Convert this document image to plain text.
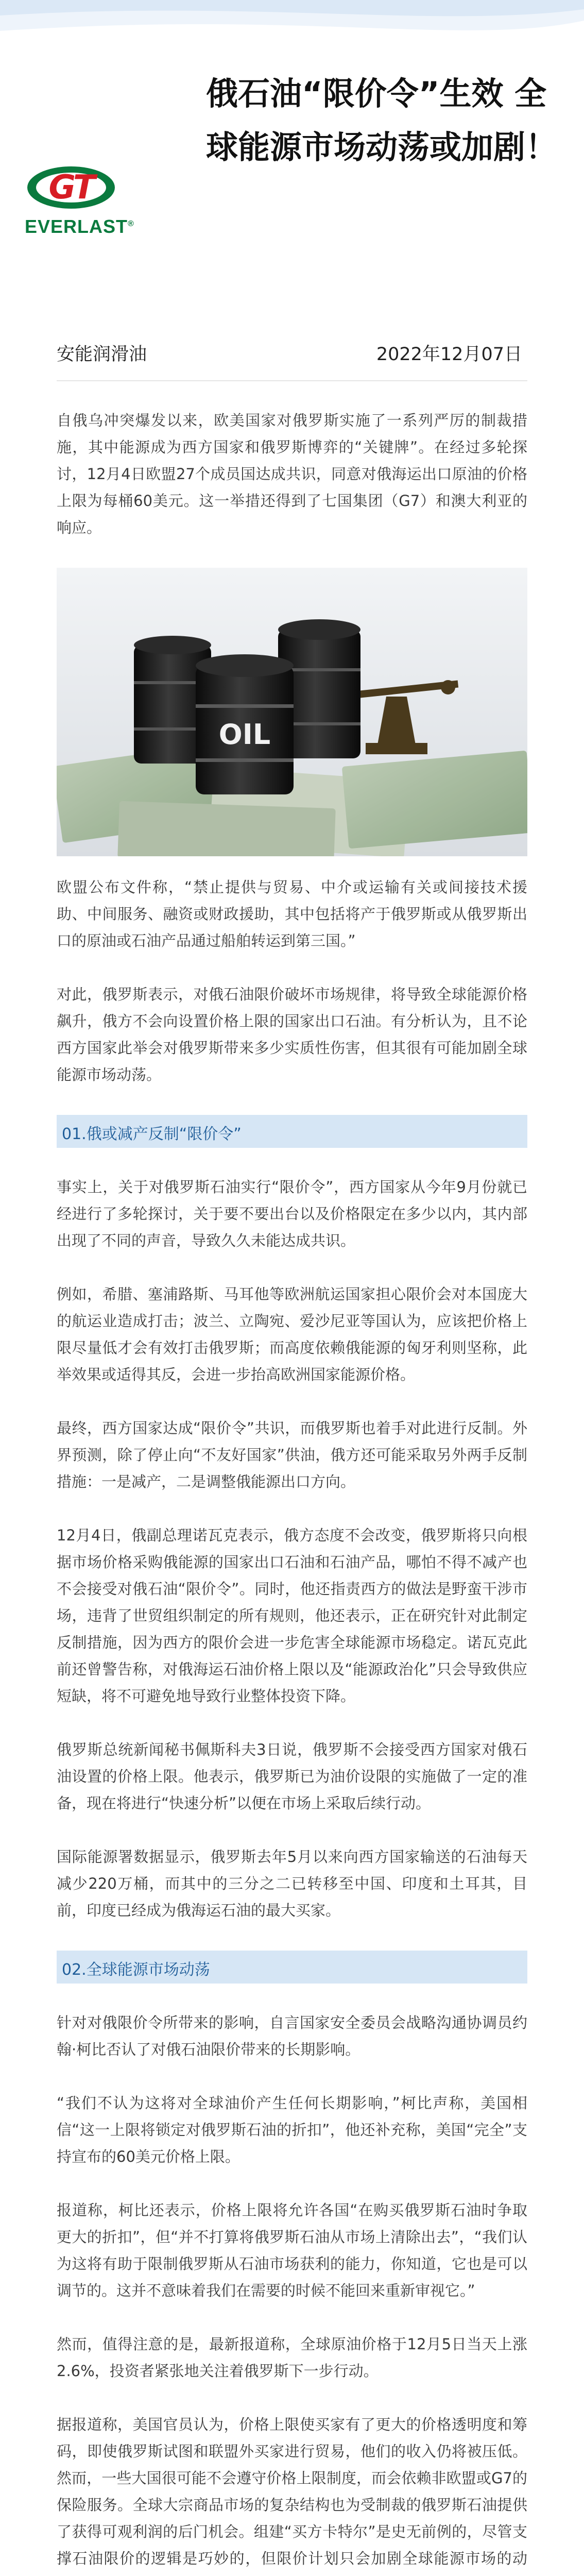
GT
EVERLAST®
俄石油“限价令”生效 全球能源市场动荡或加剧！
安能润滑油	2022年12月07日

自俄乌冲突爆发以来，欧美国家对俄罗斯实施了一系列严厉的制裁措施，其中能源成为西方国家和俄罗斯博弈的“关键牌”。在经过多轮探讨，12月4日欧盟27个成员国达成共识，同意对俄海运出口原油的价格上限为每桶60美元。这一举措还得到了七国集团（G7）和澳大利亚的响应。

OIL

欧盟公布文件称，“禁止提供与贸易、中介或运输有关或间接技术援助、中间服务、融资或财政援助，其中包括将产于俄罗斯或从俄罗斯出口的原油或石油产品通过船舶转运到第三国。”

对此，俄罗斯表示，对俄石油限价破坏市场规律，将导致全球能源价格飙升，俄方不会向设置价格上限的国家出口石油。有分析认为，且不论西方国家此举会对俄罗斯带来多少实质性伤害，但其很有可能加剧全球能源市场动荡。

01.俄或减产反制“限价令”

事实上，关于对俄罗斯石油实行“限价令”，西方国家从今年9月份就已经进行了多轮探讨，关于要不要出台以及价格限定在多少以内，其内部出现了不同的声音，导致久久未能达成共识。

例如，希腊、塞浦路斯、马耳他等欧洲航运国家担心限价会对本国庞大的航运业造成打击；波兰、立陶宛、爱沙尼亚等国认为，应该把价格上限尽量低才会有效打击俄罗斯；而高度依赖俄能源的匈牙利则坚称，此举效果或适得其反，会进一步抬高欧洲国家能源价格。

最终，西方国家达成“限价令”共识，而俄罗斯也着手对此进行反制。外界预测，除了停止向“不友好国家”供油，俄方还可能采取另外两手反制措施：一是减产，二是调整俄能源出口方向。

12月4日，俄副总理诺瓦克表示，俄方态度不会改变，俄罗斯将只向根据市场价格采购俄能源的国家出口石油和石油产品，哪怕不得不减产也不会接受对俄石油“限价令”。同时，他还指责西方的做法是野蛮干涉市场，违背了世贸组织制定的所有规则，他还表示，正在研究针对此制定反制措施，因为西方的限价会进一步危害全球能源市场稳定。诺瓦克此前还曾警告称，对俄海运石油价格上限以及“能源政治化”只会导致供应短缺，将不可避免地导致行业整体投资下降。

俄罗斯总统新闻秘书佩斯科夫3日说，俄罗斯不会接受西方国家对俄石油设置的价格上限。他表示，俄罗斯已为油价设限的实施做了一定的准备，现在将进行“快速分析”以便在市场上采取后续行动。

国际能源署数据显示，俄罗斯去年5月以来向西方国家输送的石油每天减少220万桶，而其中的三分之二已转移至中国、印度和土耳其，目前，印度已经成为俄海运石油的最大买家。

02.全球能源市场动荡

针对对俄限价令所带来的影响，自言国家安全委员会战略沟通协调员约翰·柯比否认了对俄石油限价带来的长期影响。

“我们不认为这将对全球油价产生任何长期影响，”柯比声称，美国相信“这一上限将锁定对俄罗斯石油的折扣”，他还补充称，美国“完全”支持宣布的60美元价格上限。

报道称，柯比还表示，价格上限将允许各国“在购买俄罗斯石油时争取更大的折扣”，但“并不打算将俄罗斯石油从市场上清除出去”，“我们认为这将有助于限制俄罗斯从石油市场获利的能力，你知道，它也是可以调节的。这并不意味着我们在需要的时候不能回来重新审视它。”

然而，值得注意的是，最新报道称，全球原油价格于12月5日当天上涨2.6%，投资者紧张地关注着俄罗斯下一步行动。

据报道称，美国官员认为，价格上限使买家有了更大的价格透明度和筹码，即使俄罗斯试图和联盟外买家进行贸易，他们的收入仍将被压低。然而，一些大国很可能不会遵守价格上限制度，而会依赖非欧盟或G7的保险服务。全球大宗商品市场的复杂结构也为受制裁的俄罗斯石油提供了获得可观利润的后门机会。组建“买方卡特尔”是史无前例的，尽管支撑石油限价的逻辑是巧妙的，但限价计划只会加剧全球能源市场的动
